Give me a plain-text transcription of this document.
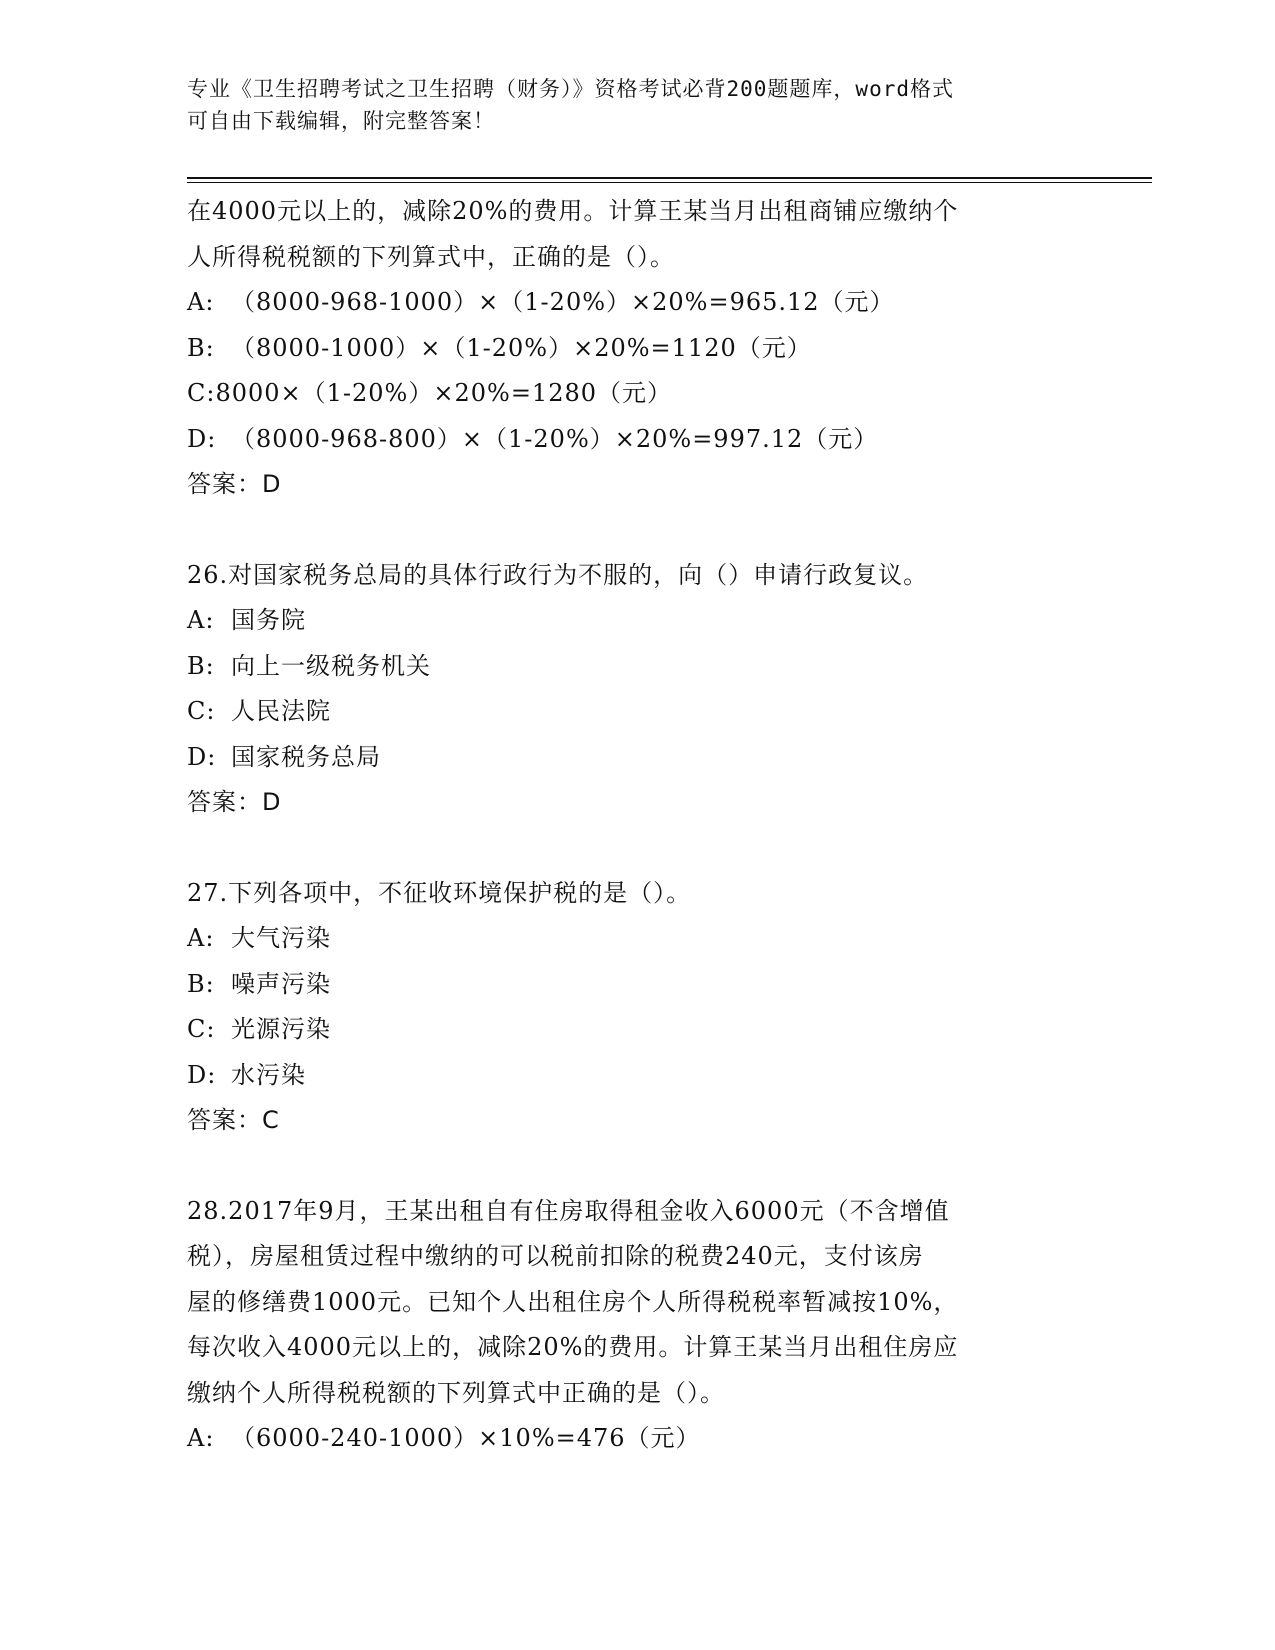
专业《卫生招聘考试之卫生招聘（财务）》资格考试必背200题题库，word格式
可自由下载编辑，附完整答案！
在4000元以上的，减除20%的费用。计算王某当月出租商铺应缴纳个
人所得税税额的下列算式中，正确的是（）。
A: （8000-968-1000）×（1-20%）×20%=965.12（元）
B: （8000-1000）×（1-20%）×20%=1120（元）
C:8000×（1-20%）×20%=1280（元）
D: （8000-968-800）×（1-20%）×20%=997.12（元）
答案：D
26.对国家税务总局的具体行政行为不服的，向（）申请行政复议。
A: 国务院
B: 向上一级税务机关
C: 人民法院
D: 国家税务总局
答案：D
27.下列各项中，不征收环境保护税的是（）。
A: 大气污染
B: 噪声污染
C: 光源污染
D: 水污染
答案：C
28.2017年9月，王某出租自有住房取得租金收入6000元（不含增值
税），房屋租赁过程中缴纳的可以税前扣除的税费240元，支付该房
屋的修缮费1000元。已知个人出租住房个人所得税税率暂减按10%，
每次收入4000元以上的，减除20%的费用。计算王某当月出租住房应
缴纳个人所得税税额的下列算式中正确的是（）。
A: （6000-240-1000）×10%=476（元）
